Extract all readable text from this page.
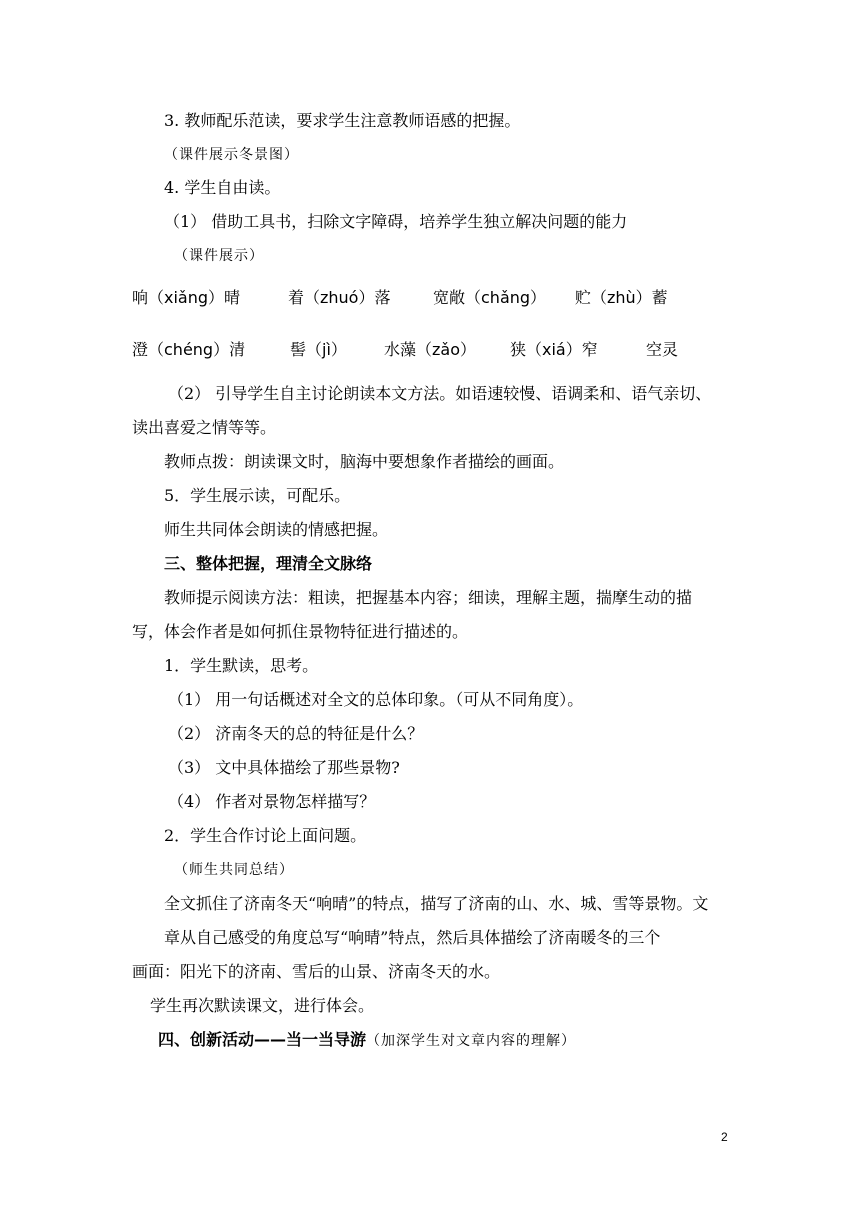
3. 教师配乐范读，要求学生注意教师语感的把握。
（课件展示冬景图）
4. 学生自由读。
（1） 借助工具书，扫除文字障碍，培养学生独立解决问题的能力
（课件展示）
响（xiǎng）晴	着（zhuó）落	宽敞（chǎng） 贮（zhù）蓄
澄（chéng）清	髻（jì） 水藻（zǎo） 狭（xiá）窄	空灵
（2） 引导学生自主讨论朗读本文方法。如语速较慢、语调柔和、语气亲切、
读出喜爱之情等等。
教师点拨：朗读课文时，脑海中要想象作者描绘的画面。
5．学生展示读，可配乐。
师生共同体会朗读的情感把握。
三、整体把握，理清全文脉络
教师提示阅读方法：粗读，把握基本内容；细读，理解主题，揣摩生动的描
写，体会作者是如何抓住景物特征进行描述的。
1．学生默读，思考。
（1） 用一句话概述对全文的总体印象。（可从不同角度）。
（2） 济南冬天的总的特征是什么？
（3） 文中具体描绘了那些景物?
（4） 作者对景物怎样描写？
2．学生合作讨论上面问题。
（师生共同总结）
全文抓住了济南冬天“响晴”的特点，描写了济南的山、水、城、雪等景物。文
章从自己感受的角度总写“响晴”特点，然后具体描绘了济南暖冬的三个
画面：阳光下的济南、雪后的山景、济南冬天的水。
学生再次默读课文，进行体会。
四、创新活动——当一当导游（加深学生对文章内容的理解）
2
